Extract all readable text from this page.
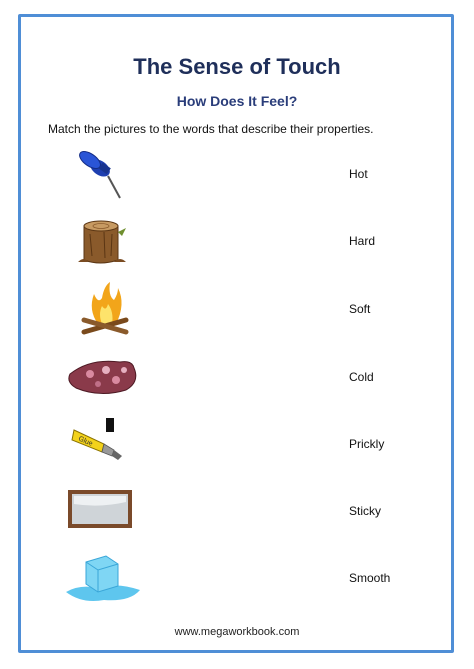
The Sense of Touch
How Does It Feel?
Match the pictures to the words that describe their properties.
Glue
Hot
Hard
Soft
Cold
Prickly
Sticky
Smooth
www.megaworkbook.com
